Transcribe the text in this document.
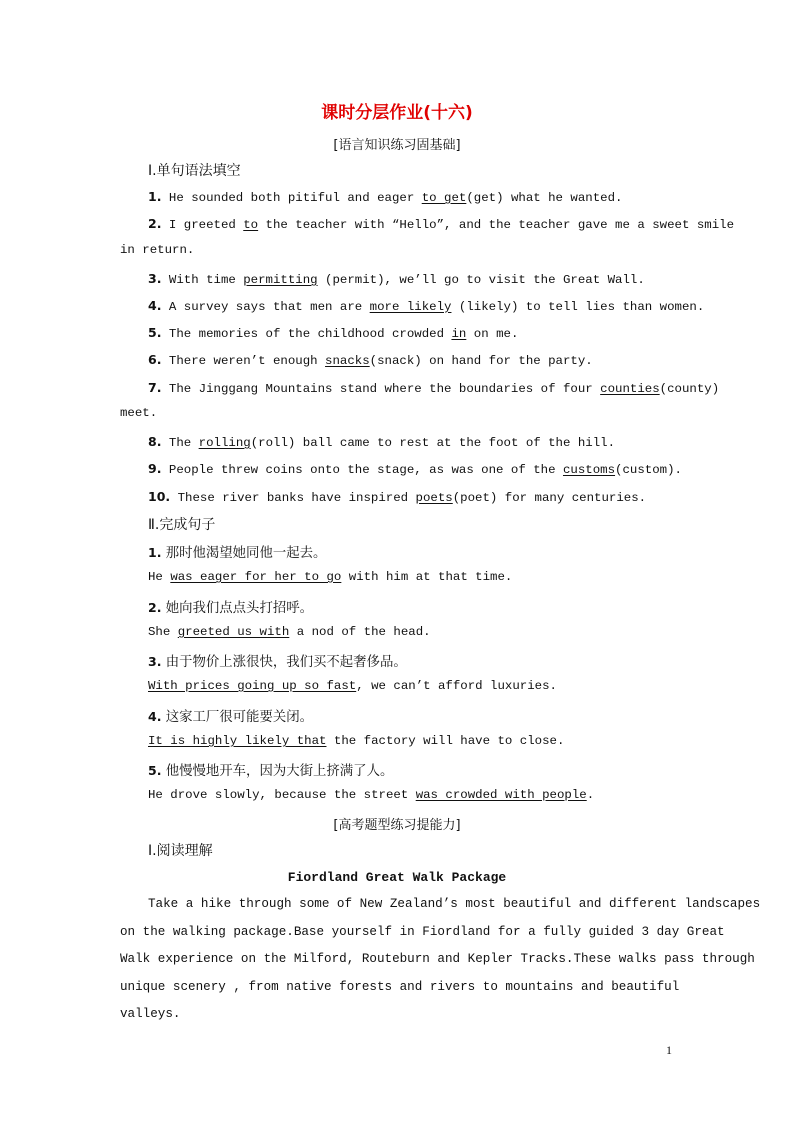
课时分层作业(十六)
[语言知识练习固基础]
Ⅰ.单句语法填空
1. He sounded both pitiful and eager to get(get) what he wanted.
2. I greeted to the teacher with “Hello”, and the teacher gave me a sweet smile
3. With time permitting (permit), we’ll go to visit the Great Wall.
4. A survey says that men are more likely (likely) to tell lies than women.
5. The memories of the childhood crowded in on me.
6. There weren’t enough snacks(snack) on hand for the party.
7. The Jinggang Mountains stand where the boundaries of four counties(county)
8. The rolling(roll) ball came to rest at the foot of the hill.
9. People threw coins onto the stage, as was one of the customs(custom).
10. These river banks have inspired poets(poet) for many centuries.
in return.
meet.
Ⅱ.完成句子
1. 那时他渴望她同他一起去。
He was eager for her to go with him at that time.
2. 她向我们点点头打招呼。
She greeted us with a nod of the head.
3. 由于物价上涨很快，我们买不起奢侈品。
With prices going up so fast, we can’t afford luxuries.
4. 这家工厂很可能要关闭。
It is highly likely that the factory will have to close.
5. 他慢慢地开车，因为大街上挤满了人。
He drove slowly, because the street was crowded with people.
[高考题型练习提能力]
Ⅰ.阅读理解
Fiordland Great Walk Package
Take a hike through some of New Zealand’s most beautiful and different landscapes
on the walking package.Base yourself in Fiordland for a fully guided 3 day Great
Walk experience on the Milford, Routeburn and Kepler Tracks.These walks pass through
unique scenery , from native forests and rivers to mountains and beautiful
valleys.
1
